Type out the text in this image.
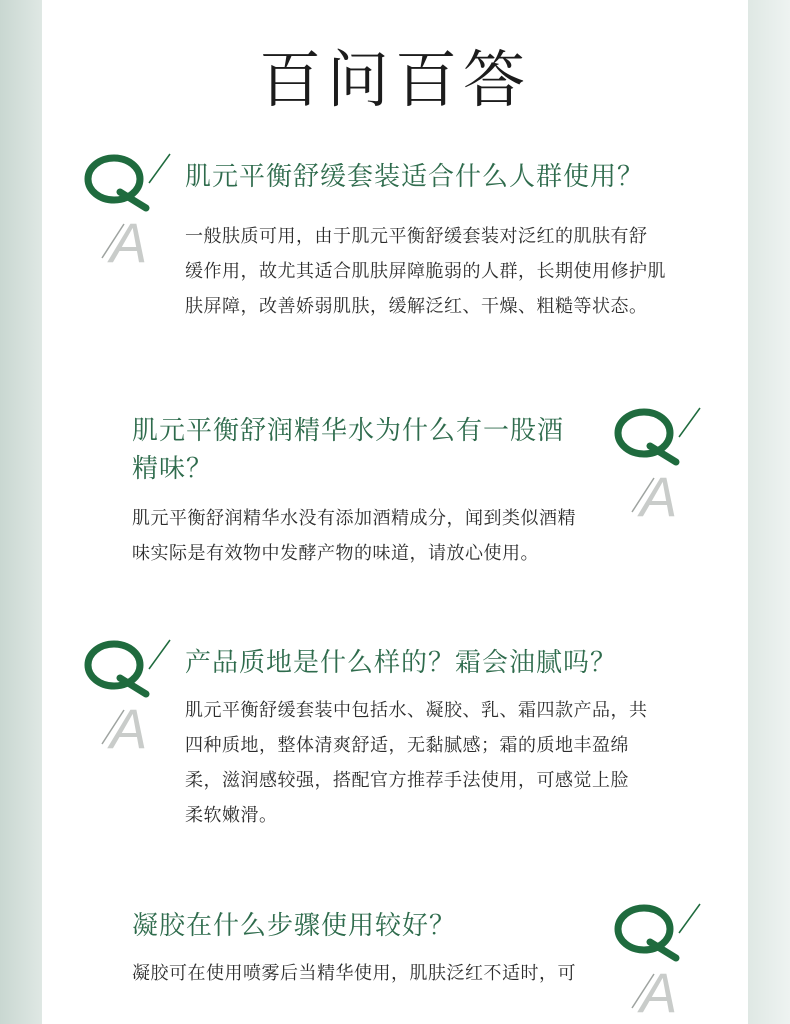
百问百答
A
肌元平衡舒缓套装适合什么人群使用？
一般肤质可用，由于肌元平衡舒缓套装对泛红的肌肤有舒
缓作用，故尤其适合肌肤屏障脆弱的人群，长期使用修护肌
肤屏障，改善娇弱肌肤，缓解泛红、干燥、粗糙等状态。
A
肌元平衡舒润精华水为什么有一股酒
精味？
肌元平衡舒润精华水没有添加酒精成分，闻到类似酒精
味实际是有效物中发酵产物的味道，请放心使用。
A
产品质地是什么样的？霜会油腻吗？
肌元平衡舒缓套装中包括水、凝胶、乳、霜四款产品，共
四种质地，整体清爽舒适，无黏腻感；霜的质地丰盈绵
柔，滋润感较强，搭配官方推荐手法使用，可感觉上脸
柔软嫩滑。
A
凝胶在什么步骤使用较好？
凝胶可在使用喷雾后当精华使用，肌肤泛红不适时，可
